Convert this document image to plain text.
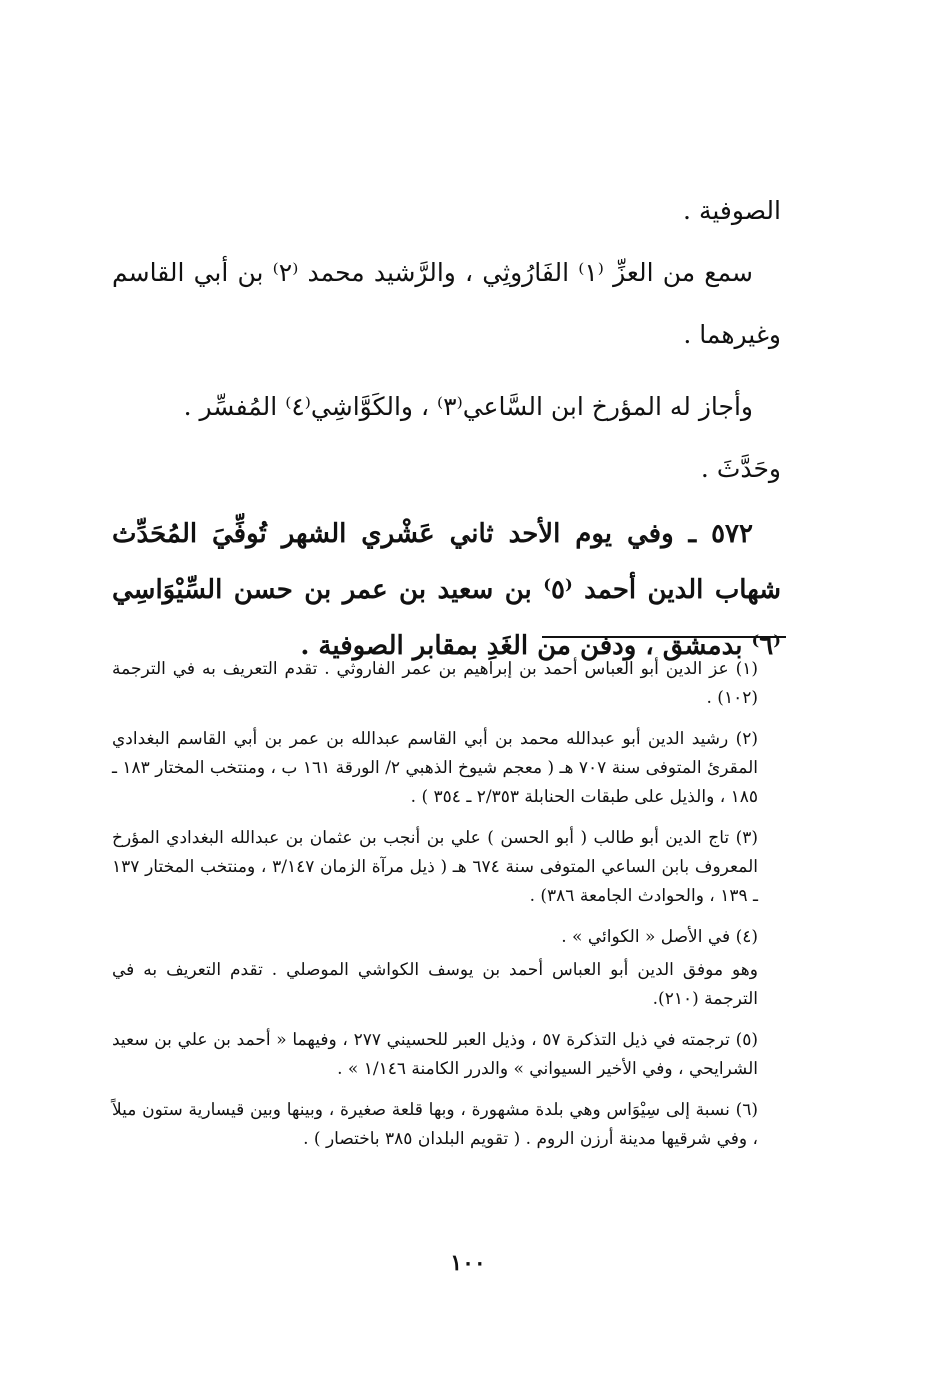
الصوفية .

سمع من العزِّ ⁽١⁾ الفَارُوثِي ، والرَّشيد محمد ⁽٢⁾ بن أبي القاسم وغيرهما .

وأجاز له المؤرخ ابن السَّاعي⁽٣⁾ ، والكَوَّاشِي⁽٤⁾ المُفسِّر .

وحَدَّثَ .

٥٧٢ ـ وفي يوم الأحد ثاني عَشْري الشهر تُوفِّيَ المُحَدِّث شهاب الدين أحمد ⁽٥⁾ بن سعيد بن عمر بن حسن السِّيْوَاسِي ⁽٦⁾ بدمشق ، ودفن من الغَدِ بمقابر الصوفية .

(١) عز الدين أبو العباس أحمد بن إبراهيم بن عمر الفاروثي . تقدم التعريف به في الترجمة (١٠٢) .

(٢) رشيد الدين أبو عبدالله محمد بن أبي القاسم عبدالله بن عمر بن أبي القاسم البغدادي المقرئ المتوفى سنة ٧٠٧ هـ ( معجم شيوخ الذهبي ٢/ الورقة ١٦١ ب ، ومنتخب المختار ١٨٣ ـ ١٨٥ ، والذيل على طبقات الحنابلة ٢/٣٥٣ ـ ٣٥٤ ) .

(٣) تاج الدين أبو طالب ( أبو الحسن ) علي بن أنجب بن عثمان بن عبدالله البغدادي المؤرخ المعروف بابن الساعي المتوفى سنة ٦٧٤ هـ ( ذيل مرآة الزمان ٣/١٤٧ ، ومنتخب المختار ١٣٧ ـ ١٣٩ ، والحوادث الجامعة ٣٨٦) .

(٤) في الأصل « الكوائي » .

وهو موفق الدين أبو العباس أحمد بن يوسف الكواشي الموصلي . تقدم التعريف به في الترجمة (٢١٠).

(٥) ترجمته في ذيل التذكرة ٥٧ ، وذيل العبر للحسيني ٢٧٧ ، وفيهما « أحمد بن علي بن سعيد الشرايحي ، وفي الأخير السيواني » والدرر الكامنة ١/١٤٦ » .

(٦) نسبة إلى سِيْوَاس وهي بلدة مشهورة ، وبها قلعة صغيرة ، وبينها وبين قيسارية ستون ميلاً ، وفي شرقيها مدينة أرزن الروم . ( تقويم البلدان ٣٨٥ باختصار ) .

١٠٠
